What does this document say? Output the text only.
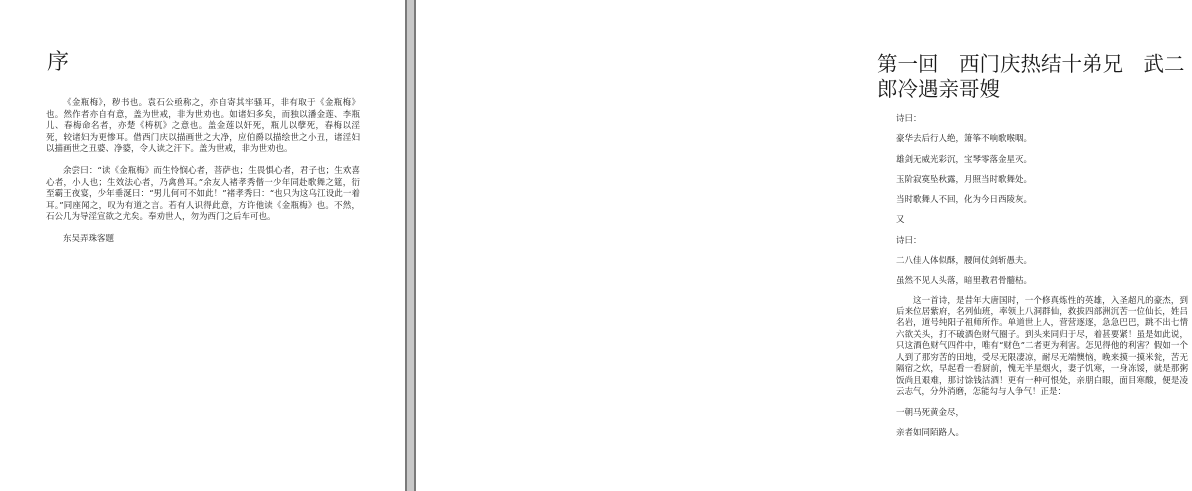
序

《金瓶梅》，秽书也。袁石公亟称之，亦自寄其牢骚耳，非有取于《金瓶梅》也。然作者亦自有意，盖为世戒，非为世劝也。如诸妇多矣，而独以潘金莲、李瓶儿、春梅命名者，亦楚《梼杌》之意也。盖金莲以奸死，瓶儿以孽死，春梅以淫死，较诸妇为更惨耳。借西门庆以描画世之大净，应伯爵以描绘世之小丑，诸淫妇以描画世之丑婆、净婆，令人读之汗下。盖为世戒，非为世劝也。

余尝曰：“读《金瓶梅》而生怜悯心者，菩萨也；生畏惧心者，君子也；生欢喜心者，小人也；生效法心者，乃禽兽耳。”余友人褚孝秀偕一少年同赴歌舞之筵，衍至霸王夜宴，少年垂涎曰：“男儿何可不如此！”褚孝秀曰：“也只为这乌江设此一着耳。”同座闻之，叹为有道之言。若有人识得此意，方许他读《金瓶梅》也。不然，石公几为导淫宣欲之尤矣。奉劝世人，勿为西门之后车可也。

东吴弄珠客题

第一回　西门庆热结十弟兄　武二郎冷遇亲哥嫂

诗曰：

豪华去后行人绝，箫筝不响歌喉咽。

雄剑无威光彩沉，宝琴零落金星灭。

玉阶寂寞坠秋露，月照当时歌舞处。

当时歌舞人不回，化为今日西陵灰。

又

诗曰：

二八佳人体似酥，腰间仗剑斩愚夫。

虽然不见人头落，暗里教君骨髓枯。

这一首诗，是昔年大唐国时，一个修真炼性的英雄，入圣超凡的豪杰，到后来位居紫府，名列仙班，率领上八洞群仙，救拔四部洲沉苦一位仙长，姓吕名岩，道号纯阳子祖师所作。单道世上人，营营逐逐，急急巴巴，跳不出七情六欲关头，打不破酒色财气圈子。到头来同归于尽，着甚要紧！虽是如此说，只这酒色财气四件中，唯有“财色”二者更为利害。怎见得他的利害？假如一个人到了那穷苦的田地，受尽无限凄凉，耐尽无端懊恼，晚来摸一摸米瓮，苦无隔宿之炊，早起看一看厨前，愧无半星烟火，妻子饥寒，一身冻馁，就是那粥饭尚且艰难，那讨馀钱沽酒！更有一种可恨处，亲朋白眼，面目寒酸，便是凌云志气，分外消磨，怎能勾与人争气！正是：

一朝马死黄金尽，

亲者如同陌路人。
